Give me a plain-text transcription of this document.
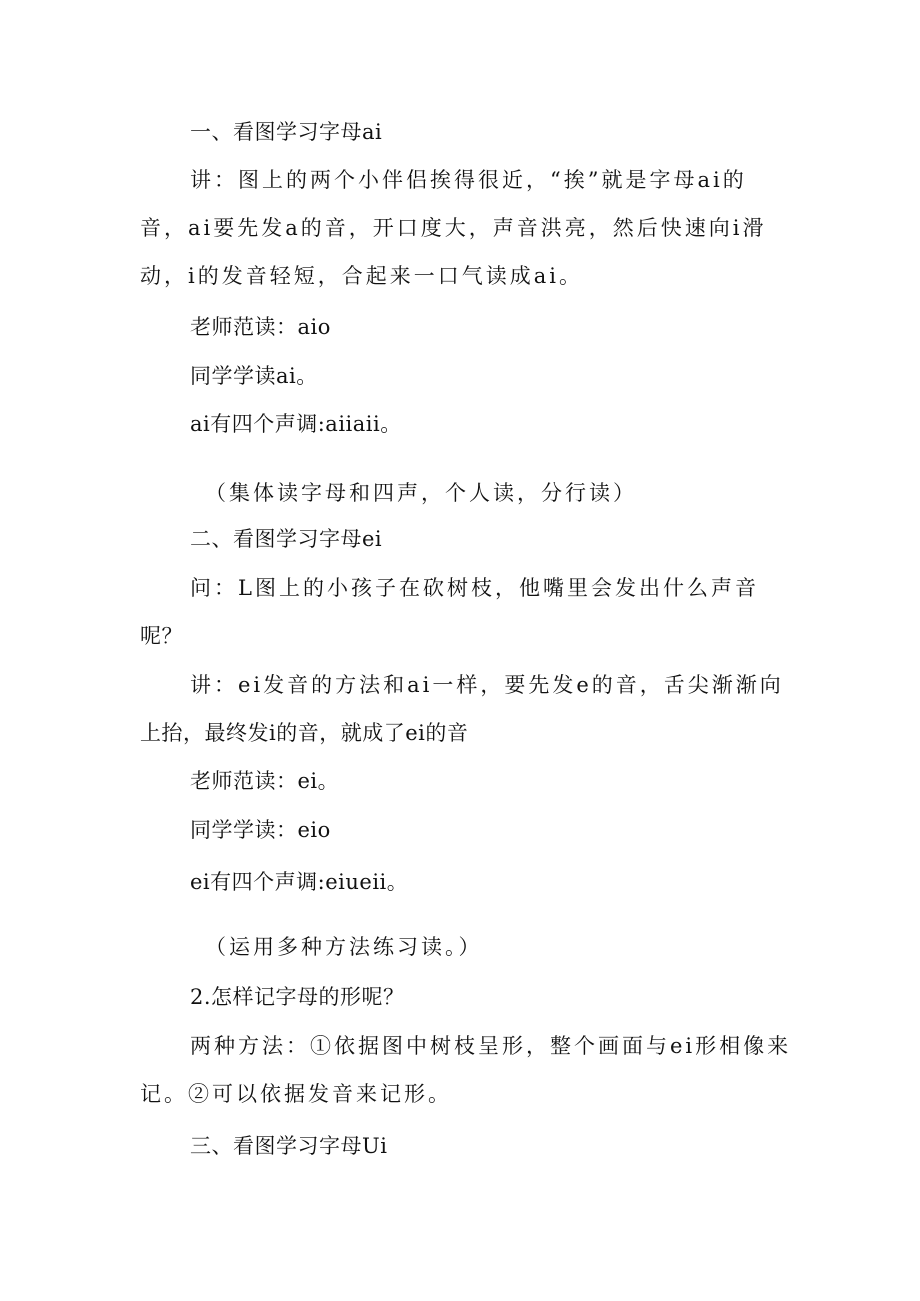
一、看图学习字母ai
讲：图上的两个小伴侣挨得很近，“挨”就是字母ai的
音，ai要先发a的音，开口度大，声音洪亮，然后快速向i滑
动，i的发音轻短，合起来一口气读成ai。
老师范读：aio
同学学读ai。
ai有四个声调:aiiaii。
（集体读字母和四声，个人读，分行读）
二、看图学习字母ei
问：L图上的小孩子在砍树枝，他嘴里会发出什么声音
呢？
讲：ei发音的方法和ai一样，要先发e的音，舌尖渐渐向
上抬，最终发i的音，就成了ei的音
老师范读：ei。
同学学读：eio
ei有四个声调:eiueii。
（运用多种方法练习读。）
2.怎样记字母的形呢？
两种方法：①依据图中树枝呈形，整个画面与ei形相像来
记。②可以依据发音来记形。
三、看图学习字母Ui
